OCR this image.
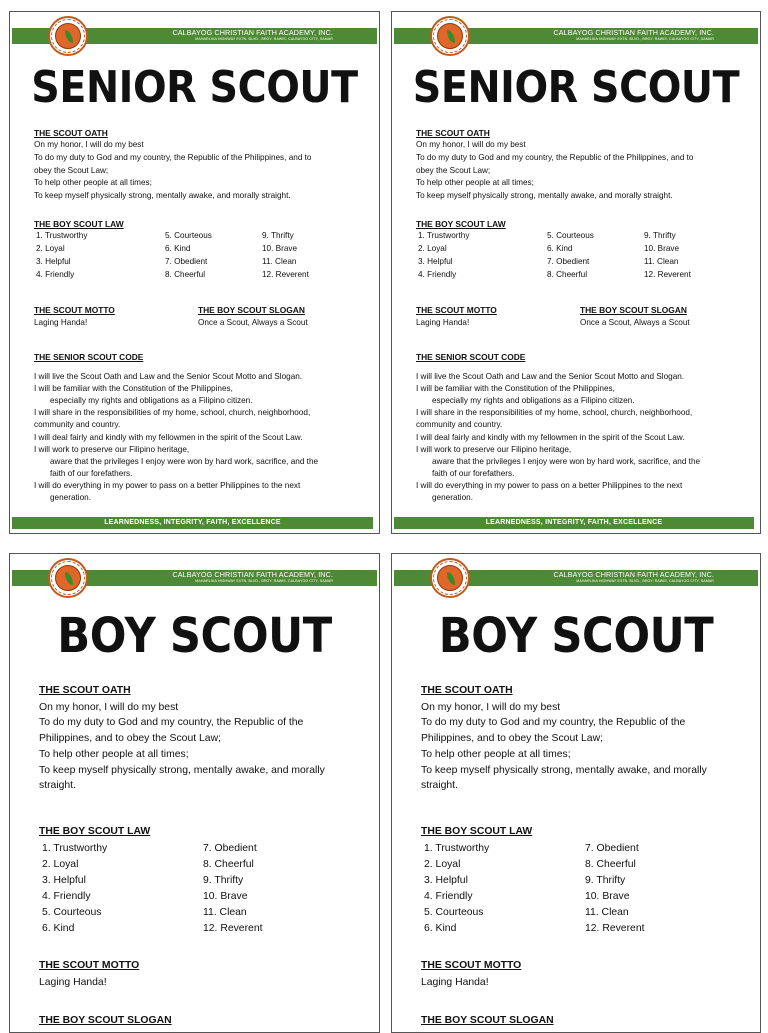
CALBAYOG CHRISTIAN FAITH ACADEMY, INC.
MAHARLIKA HIGHWAY EXTN. BLVD., BRGY. RAWIS, CALBAYOG CITY, SAMAR
SENIOR SCOUT
THE SCOUT OATH
On my honor, I will do my best
To do my duty to God and my country, the Republic of the Philippines, and to
obey the Scout Law;
To help other people at all times;
To keep myself physically strong, mentally awake, and morally straight.
THE BOY SCOUT LAW
1. Trustworthy
2. Loyal
3. Helpful
4. Friendly
5. Courteous
6. Kind
7. Obedient
8. Cheerful
9. Thrifty
10. Brave
11. Clean
12. Reverent
THE SCOUT MOTTO
Laging Handa!
THE BOY SCOUT SLOGAN
Once a Scout, Always a Scout
THE SENIOR SCOUT CODE
I will live the Scout Oath and Law and the Senior Scout Motto and Slogan.
I will be familiar with the Constitution of the Philippines,
especially my rights and obligations as a Filipino citizen.
I will share in the responsibilities of my home, school, church, neighborhood,
community and country.
I will deal fairly and kindly with my fellowmen in the spirit of the Scout Law.
I will work to preserve our Filipino heritage,
aware that the privileges I enjoy were won by hard work, sacrifice, and the
faith of our forefathers.
I will do everything in my power to pass on a better Philippines to the next
generation.
LEARNEDNESS, INTEGRITY, FAITH, EXCELLENCE
CALBAYOG CHRISTIAN FAITH ACADEMY, INC.
MAHARLIKA HIGHWAY EXTN. BLVD., BRGY. RAWIS, CALBAYOG CITY, SAMAR
SENIOR SCOUT
THE SCOUT OATH
On my honor, I will do my best
To do my duty to God and my country, the Republic of the Philippines, and to
obey the Scout Law;
To help other people at all times;
To keep myself physically strong, mentally awake, and morally straight.
THE BOY SCOUT LAW
1. Trustworthy
2. Loyal
3. Helpful
4. Friendly
5. Courteous
6. Kind
7. Obedient
8. Cheerful
9. Thrifty
10. Brave
11. Clean
12. Reverent
THE SCOUT MOTTO
Laging Handa!
THE BOY SCOUT SLOGAN
Once a Scout, Always a Scout
THE SENIOR SCOUT CODE
I will live the Scout Oath and Law and the Senior Scout Motto and Slogan.
I will be familiar with the Constitution of the Philippines,
especially my rights and obligations as a Filipino citizen.
I will share in the responsibilities of my home, school, church, neighborhood,
community and country.
I will deal fairly and kindly with my fellowmen in the spirit of the Scout Law.
I will work to preserve our Filipino heritage,
aware that the privileges I enjoy were won by hard work, sacrifice, and the
faith of our forefathers.
I will do everything in my power to pass on a better Philippines to the next
generation.
LEARNEDNESS, INTEGRITY, FAITH, EXCELLENCE
CALBAYOG CHRISTIAN FAITH ACADEMY, INC.
MAHARLIKA HIGHWAY EXTN. BLVD., BRGY. RAWIS, CALBAYOG CITY, SAMAR
BOY SCOUT
THE SCOUT OATH
On my honor, I will do my best
To do my duty to God and my country, the Republic of the
Philippines, and to obey the Scout Law;
To help other people at all times;
To keep myself physically strong, mentally awake, and morally
straight.
THE BOY SCOUT LAW
1. Trustworthy
2. Loyal
3. Helpful
4. Friendly
5. Courteous
6. Kind
7. Obedient
8. Cheerful
9. Thrifty
10. Brave
11. Clean
12. Reverent
THE SCOUT MOTTO
Laging Handa!
THE BOY SCOUT SLOGAN
CALBAYOG CHRISTIAN FAITH ACADEMY, INC.
MAHARLIKA HIGHWAY EXTN. BLVD., BRGY. RAWIS, CALBAYOG CITY, SAMAR
BOY SCOUT
THE SCOUT OATH
On my honor, I will do my best
To do my duty to God and my country, the Republic of the
Philippines, and to obey the Scout Law;
To help other people at all times;
To keep myself physically strong, mentally awake, and morally
straight.
THE BOY SCOUT LAW
1. Trustworthy
2. Loyal
3. Helpful
4. Friendly
5. Courteous
6. Kind
7. Obedient
8. Cheerful
9. Thrifty
10. Brave
11. Clean
12. Reverent
THE SCOUT MOTTO
Laging Handa!
THE BOY SCOUT SLOGAN
